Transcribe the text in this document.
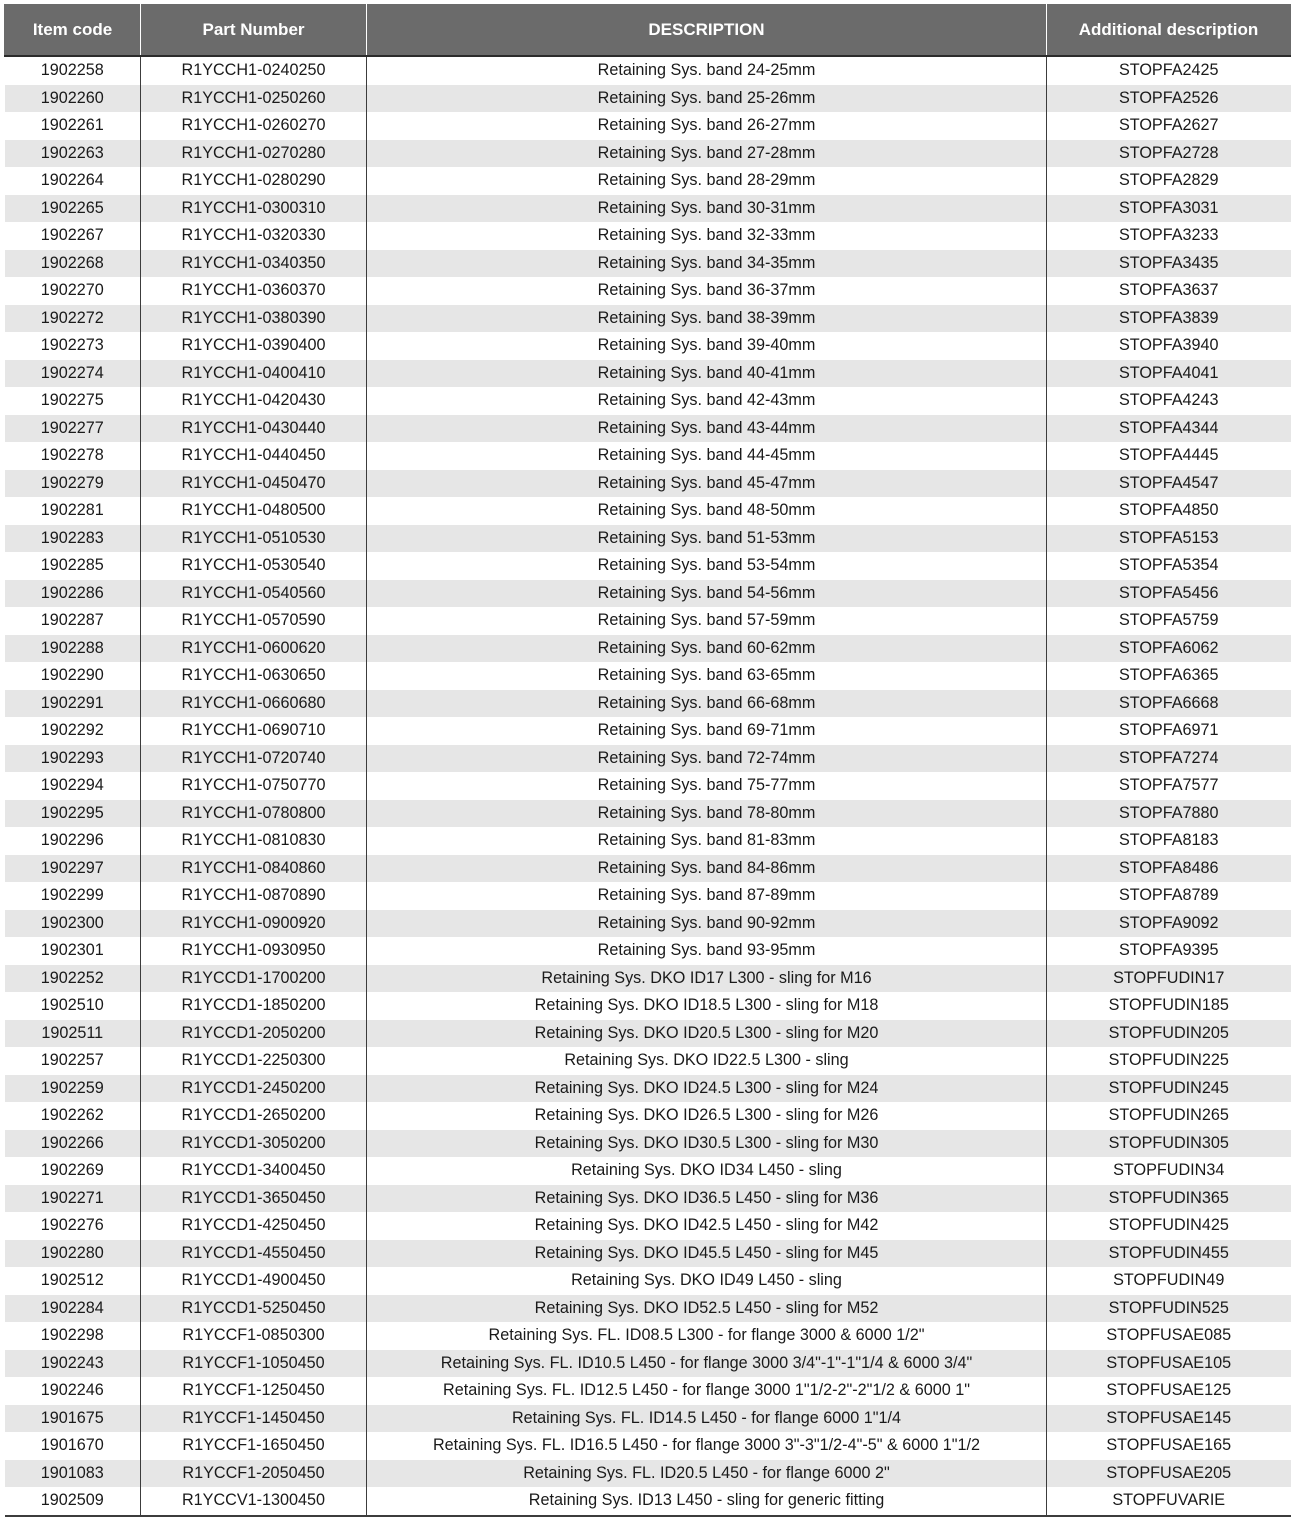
Item code	Part Number	DESCRIPTION	Additional description
1902258	R1YCCH1-0240250	Retaining Sys. band 24-25mm	STOPFA2425
1902260	R1YCCH1-0250260	Retaining Sys. band 25-26mm	STOPFA2526
1902261	R1YCCH1-0260270	Retaining Sys. band 26-27mm	STOPFA2627
1902263	R1YCCH1-0270280	Retaining Sys. band 27-28mm	STOPFA2728
1902264	R1YCCH1-0280290	Retaining Sys. band 28-29mm	STOPFA2829
1902265	R1YCCH1-0300310	Retaining Sys. band 30-31mm	STOPFA3031
1902267	R1YCCH1-0320330	Retaining Sys. band 32-33mm	STOPFA3233
1902268	R1YCCH1-0340350	Retaining Sys. band 34-35mm	STOPFA3435
1902270	R1YCCH1-0360370	Retaining Sys. band 36-37mm	STOPFA3637
1902272	R1YCCH1-0380390	Retaining Sys. band 38-39mm	STOPFA3839
1902273	R1YCCH1-0390400	Retaining Sys. band 39-40mm	STOPFA3940
1902274	R1YCCH1-0400410	Retaining Sys. band 40-41mm	STOPFA4041
1902275	R1YCCH1-0420430	Retaining Sys. band 42-43mm	STOPFA4243
1902277	R1YCCH1-0430440	Retaining Sys. band 43-44mm	STOPFA4344
1902278	R1YCCH1-0440450	Retaining Sys. band 44-45mm	STOPFA4445
1902279	R1YCCH1-0450470	Retaining Sys. band 45-47mm	STOPFA4547
1902281	R1YCCH1-0480500	Retaining Sys. band 48-50mm	STOPFA4850
1902283	R1YCCH1-0510530	Retaining Sys. band 51-53mm	STOPFA5153
1902285	R1YCCH1-0530540	Retaining Sys. band 53-54mm	STOPFA5354
1902286	R1YCCH1-0540560	Retaining Sys. band 54-56mm	STOPFA5456
1902287	R1YCCH1-0570590	Retaining Sys. band 57-59mm	STOPFA5759
1902288	R1YCCH1-0600620	Retaining Sys. band 60-62mm	STOPFA6062
1902290	R1YCCH1-0630650	Retaining Sys. band 63-65mm	STOPFA6365
1902291	R1YCCH1-0660680	Retaining Sys. band 66-68mm	STOPFA6668
1902292	R1YCCH1-0690710	Retaining Sys. band 69-71mm	STOPFA6971
1902293	R1YCCH1-0720740	Retaining Sys. band 72-74mm	STOPFA7274
1902294	R1YCCH1-0750770	Retaining Sys. band 75-77mm	STOPFA7577
1902295	R1YCCH1-0780800	Retaining Sys. band 78-80mm	STOPFA7880
1902296	R1YCCH1-0810830	Retaining Sys. band 81-83mm	STOPFA8183
1902297	R1YCCH1-0840860	Retaining Sys. band 84-86mm	STOPFA8486
1902299	R1YCCH1-0870890	Retaining Sys. band 87-89mm	STOPFA8789
1902300	R1YCCH1-0900920	Retaining Sys. band 90-92mm	STOPFA9092
1902301	R1YCCH1-0930950	Retaining Sys. band 93-95mm	STOPFA9395
1902252	R1YCCD1-1700200	Retaining Sys. DKO ID17 L300 - sling for M16	STOPFUDIN17
1902510	R1YCCD1-1850200	Retaining Sys. DKO ID18.5 L300 - sling for M18	STOPFUDIN185
1902511	R1YCCD1-2050200	Retaining Sys. DKO ID20.5 L300 - sling for M20	STOPFUDIN205
1902257	R1YCCD1-2250300	Retaining Sys. DKO ID22.5 L300 - sling	STOPFUDIN225
1902259	R1YCCD1-2450200	Retaining Sys. DKO ID24.5 L300 - sling for M24	STOPFUDIN245
1902262	R1YCCD1-2650200	Retaining Sys. DKO ID26.5 L300 - sling for M26	STOPFUDIN265
1902266	R1YCCD1-3050200	Retaining Sys. DKO ID30.5 L300 - sling for M30	STOPFUDIN305
1902269	R1YCCD1-3400450	Retaining Sys. DKO ID34 L450 - sling	STOPFUDIN34
1902271	R1YCCD1-3650450	Retaining Sys. DKO ID36.5 L450 - sling for M36	STOPFUDIN365
1902276	R1YCCD1-4250450	Retaining Sys. DKO ID42.5 L450 - sling for M42	STOPFUDIN425
1902280	R1YCCD1-4550450	Retaining Sys. DKO ID45.5 L450 - sling for M45	STOPFUDIN455
1902512	R1YCCD1-4900450	Retaining Sys. DKO ID49 L450 - sling	STOPFUDIN49
1902284	R1YCCD1-5250450	Retaining Sys. DKO ID52.5 L450 - sling for M52	STOPFUDIN525
1902298	R1YCCF1-0850300	Retaining Sys. FL. ID08.5 L300 - for flange 3000 & 6000 1/2"	STOPFUSAE085
1902243	R1YCCF1-1050450	Retaining Sys. FL. ID10.5 L450 - for flange 3000 3/4"-1"-1"1/4 & 6000 3/4"	STOPFUSAE105
1902246	R1YCCF1-1250450	Retaining Sys. FL. ID12.5 L450 - for flange 3000 1"1/2-2"-2"1/2 & 6000 1"	STOPFUSAE125
1901675	R1YCCF1-1450450	Retaining Sys. FL. ID14.5 L450 - for flange 6000 1"1/4	STOPFUSAE145
1901670	R1YCCF1-1650450	Retaining Sys. FL. ID16.5 L450 - for flange 3000 3"-3"1/2-4"-5" & 6000 1"1/2	STOPFUSAE165
1901083	R1YCCF1-2050450	Retaining Sys. FL. ID20.5 L450 - for flange 6000 2"	STOPFUSAE205
1902509	R1YCCV1-1300450	Retaining Sys. ID13 L450 - sling for generic fitting	STOPFUVARIE
